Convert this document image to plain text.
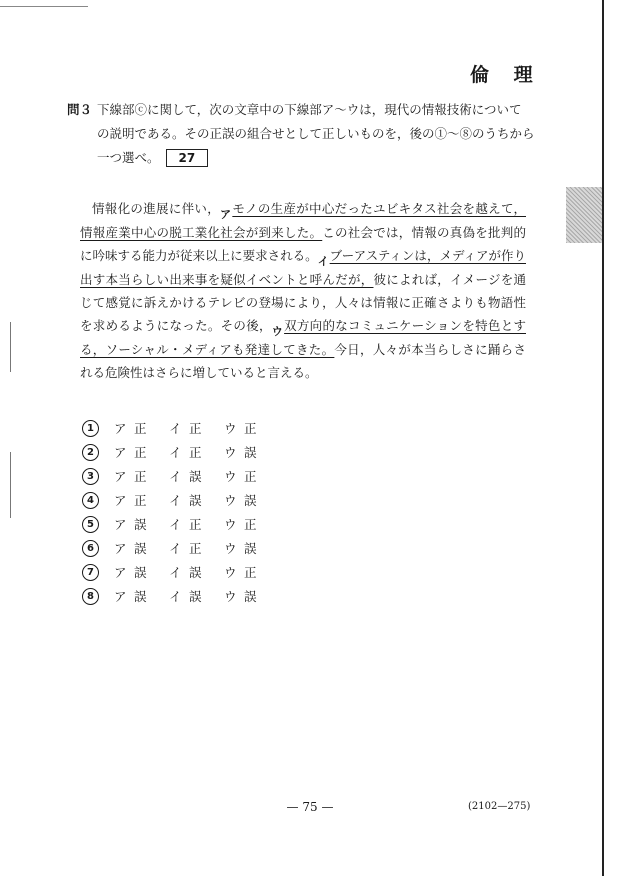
倫 理
問３ 下線部ⓒに関して，次の文章中の下線部ア～ウは，現代の情報技術について
の説明である。その正誤の組合せとして正しいものを，後の①～⑧のうちから
一つ選べ。 27

情報化の進展に伴い，アモノの生産が中心だったユビキタス社会を越えて，情報産業中心の脱工業化社会が到来した。この社会では，情報の真偽を批判的に吟味する能力が従来以上に要求される。イブーアスティンは，メディアが作り出す本当らしい出来事を疑似イベントと呼んだが，彼によれば，イメージを通じて感覚に訴えかけるテレビの登場により，人々は情報に正確さよりも物語性を求めるようになった。その後，ウ双方向的なコミュニケーションを特色とする，ソーシャル・メディアも発達してきた。今日，人々が本当らしさに踊らされる危険性はさらに増していると言える。

1	ア 正	イ 正	ウ 正
2	ア 正	イ 正	ウ 誤
3	ア 正	イ 誤	ウ 正
4	ア 正	イ 誤	ウ 誤
5	ア 誤	イ 正	ウ 正
6	ア 誤	イ 正	ウ 誤
7	ア 誤	イ 誤	ウ 正
8	ア 誤	イ 誤	ウ 誤
— 75 —	(2102—275)
